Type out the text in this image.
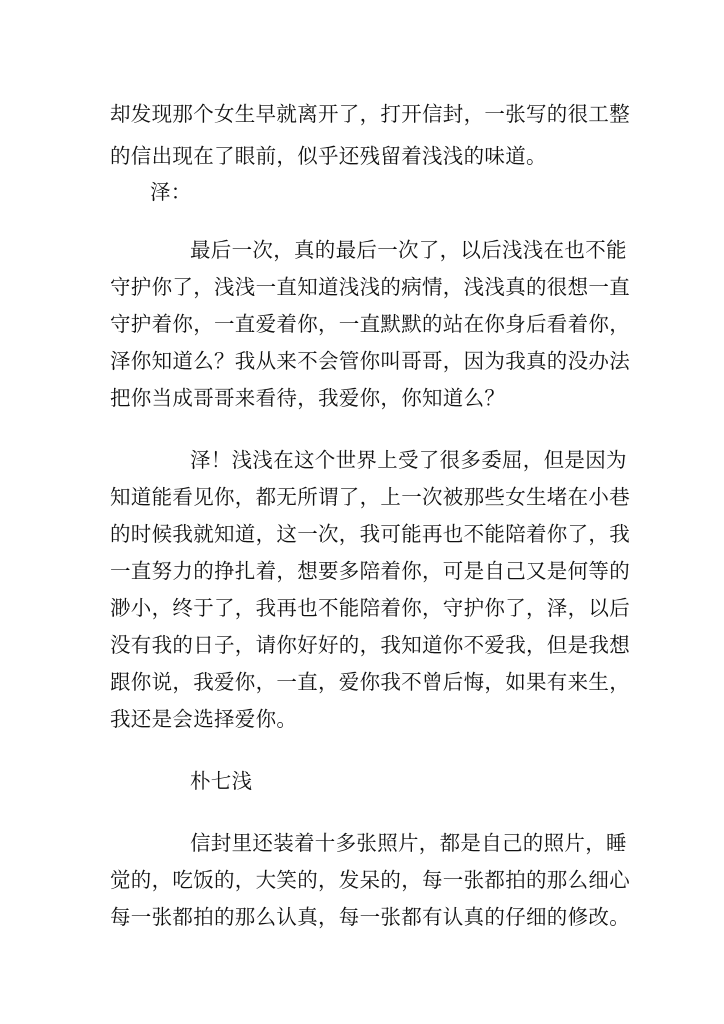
却发现那个女生早就离开了，打开信封，一张写的很工整
的信出现在了眼前，似乎还残留着浅浅的味道。
泽：
最后一次，真的最后一次了，以后浅浅在也不能
守护你了，浅浅一直知道浅浅的病情，浅浅真的很想一直
守护着你，一直爱着你，一直默默的站在你身后看着你，
泽你知道么？我从来不会管你叫哥哥，因为我真的没办法
把你当成哥哥来看待，我爱你，你知道么？
泽！浅浅在这个世界上受了很多委屈，但是因为
知道能看见你，都无所谓了，上一次被那些女生堵在小巷
的时候我就知道，这一次，我可能再也不能陪着你了，我
一直努力的挣扎着，想要多陪着你，可是自己又是何等的
渺小，终于了，我再也不能陪着你，守护你了，泽，以后
没有我的日子，请你好好的，我知道你不爱我，但是我想
跟你说，我爱你，一直，爱你我不曾后悔，如果有来生，
我还是会选择爱你。
朴七浅
信封里还装着十多张照片，都是自己的照片，睡
觉的，吃饭的，大笑的，发呆的，每一张都拍的那么细心
每一张都拍的那么认真，每一张都有认真的仔细的修改。
